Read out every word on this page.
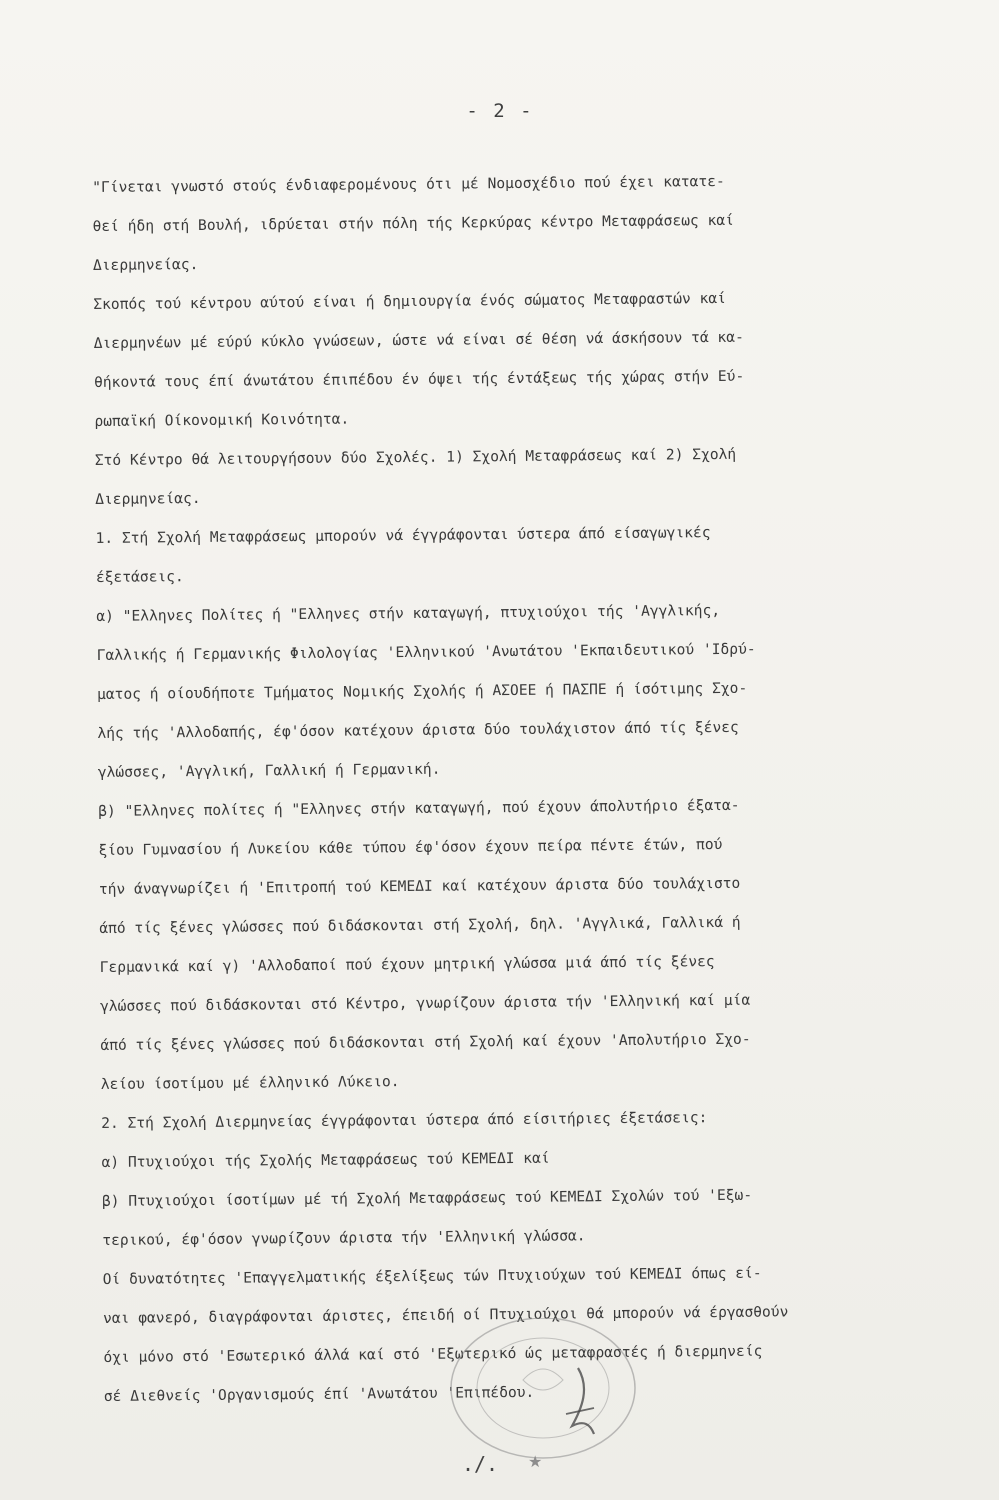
- 2 -
"Γίνεται γνωστό στούς ένδιαφερομένους ότι μέ Νομοσχέδιο πού έχει κατατε-
θεί ήδη στή Βουλή, ιδρύεται στήν πόλη τής Κερκύρας κέντρο Μεταφράσεως καί
Διερμηνείας.
Σκοπός τού κέντρου αύτού είναι ή δημιουργία ένός σώματος Μεταφραστών καί
Διερμηνέων μέ εύρύ κύκλο γνώσεων, ώστε νά είναι σέ θέση νά άσκήσουν τά κα-
θήκοντά τους έπί άνωτάτου έπιπέδου έν όψει τής έντάξεως τής χώρας στήν Εύ-
ρωπαϊκή Οίκονομική Κοινότητα.
Στό Κέντρο θά λειτουργήσουν δύο Σχολές. 1) Σχολή Μεταφράσεως καί 2) Σχολή
Διερμηνείας.
1. Στή Σχολή Μεταφράσεως μπορούν νά έγγράφονται ύστερα άπό είσαγωγικές
έξετάσεις.
α) "Ελληνες Πολίτες ή "Ελληνες στήν καταγωγή, πτυχιούχοι τής 'Αγγλικής,
Γαλλικής ή Γερμανικής Φιλολογίας 'Ελληνικού 'Ανωτάτου 'Εκπαιδευτικού 'Ιδρύ-
ματος ή οίουδήποτε Τμήματος Νομικής Σχολής ή ΑΣΟΕΕ ή ΠΑΣΠΕ ή ίσότιμης Σχο-
λής τής 'Αλλοδαπής, έφ'όσον κατέχουν άριστα δύο τουλάχιστον άπό τίς ξένες
γλώσσες, 'Αγγλική, Γαλλική ή Γερμανική.
β) "Ελληνες πολίτες ή "Ελληνες στήν καταγωγή, πού έχουν άπολυτήριο έξατα-
ξίου Γυμνασίου ή Λυκείου κάθε τύπου έφ'όσον έχουν πείρα πέντε έτών, πού
τήν άναγνωρίζει ή 'Επιτροπή τού ΚΕΜΕΔΙ καί κατέχουν άριστα δύο τουλάχιστο
άπό τίς ξένες γλώσσες πού διδάσκονται στή Σχολή, δηλ. 'Αγγλικά, Γαλλικά ή
Γερμανικά καί γ) 'Αλλοδαποί πού έχουν μητρική γλώσσα μιά άπό τίς ξένες
γλώσσες πού διδάσκονται στό Κέντρο, γνωρίζουν άριστα τήν 'Ελληνική καί μία
άπό τίς ξένες γλώσσες πού διδάσκονται στή Σχολή καί έχουν 'Απολυτήριο Σχο-
λείου ίσοτίμου μέ έλληνικό Λύκειο.
2. Στή Σχολή Διερμηνείας έγγράφονται ύστερα άπό είσιτήριες έξετάσεις:
α) Πτυχιούχοι τής Σχολής Μεταφράσεως τού ΚΕΜΕΔΙ καί
β) Πτυχιούχοι ίσοτίμων μέ τή Σχολή Μεταφράσεως τού ΚΕΜΕΔΙ Σχολών τού 'Εξω-
τερικού, έφ'όσον γνωρίζουν άριστα τήν 'Ελληνική γλώσσα.
Οί δυνατότητες 'Επαγγελματικής έξελίξεως τών Πτυχιούχων τού ΚΕΜΕΔΙ όπως εί-
ναι φανερό, διαγράφονται άριστες, έπειδή οί Πτυχιούχοι θά μπορούν νά έργασθούν
όχι μόνο στό 'Εσωτερικό άλλά καί στό 'Εξωτερικό ώς μεταφραστές ή διερμηνείς
σέ Διεθνείς 'Οργανισμούς έπί 'Ανωτάτου 'Επιπέδου.
./.	★
